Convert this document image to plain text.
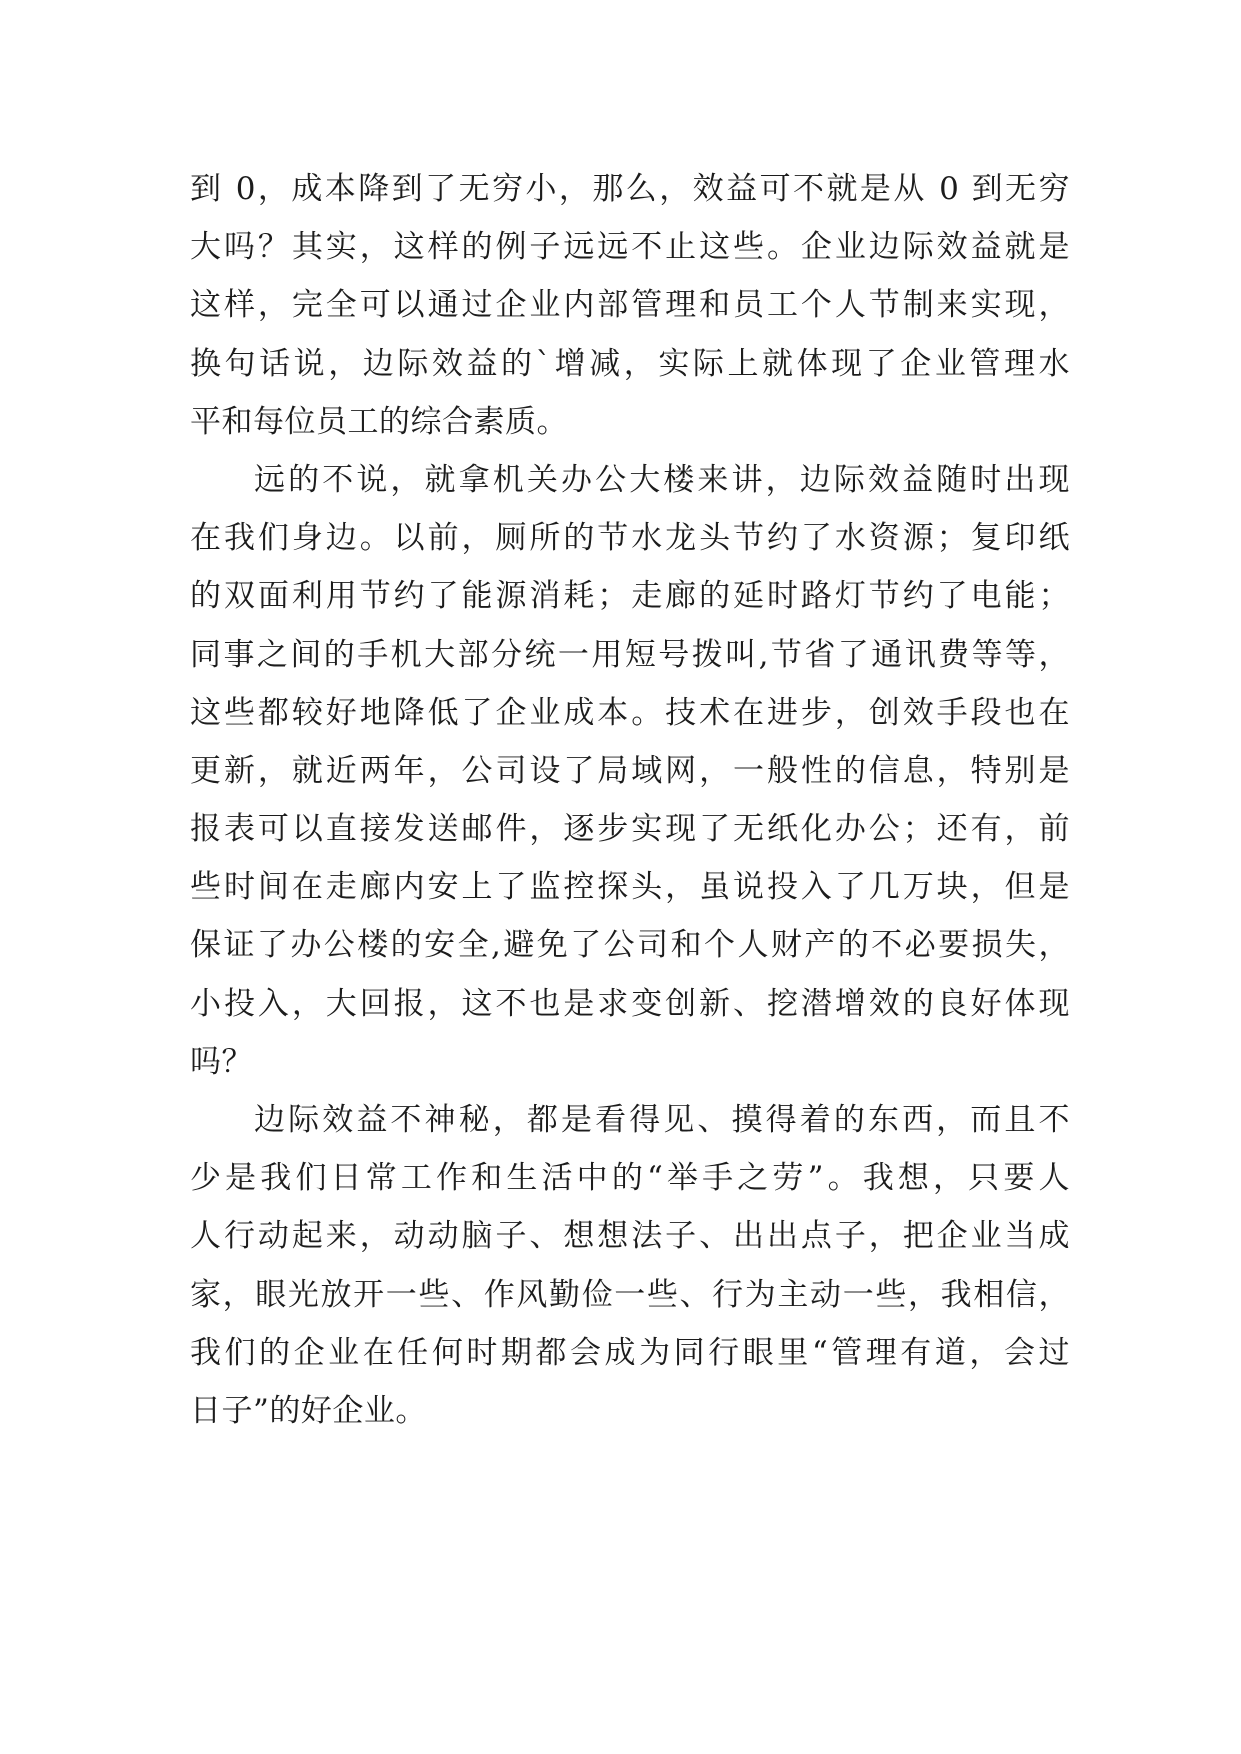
到 0，成本降到了无穷小，那么，效益可不就是从 0 到无穷
大吗？其实，这样的例子远远不止这些。企业边际效益就是
这样，完全可以通过企业内部管理和员工个人节制来实现，
换句话说，边际效益的`增减，实际上就体现了企业管理水
平和每位员工的综合素质。
远的不说，就拿机关办公大楼来讲，边际效益随时出现
在我们身边。以前，厕所的节水龙头节约了水资源；复印纸
的双面利用节约了能源消耗；走廊的延时路灯节约了电能；
同事之间的手机大部分统一用短号拨叫,节省了通讯费等等，
这些都较好地降低了企业成本。技术在进步，创效手段也在
更新，就近两年，公司设了局域网，一般性的信息，特别是
报表可以直接发送邮件，逐步实现了无纸化办公；还有，前
些时间在走廊内安上了监控探头，虽说投入了几万块，但是
保证了办公楼的安全,避免了公司和个人财产的不必要损失，
小投入，大回报，这不也是求变创新、挖潜增效的良好体现
吗？
边际效益不神秘，都是看得见、摸得着的东西，而且不
少是我们日常工作和生活中的“举手之劳”。我想，只要人
人行动起来，动动脑子、想想法子、出出点子，把企业当成
家，眼光放开一些、作风勤俭一些、行为主动一些，我相信，
我们的企业在任何时期都会成为同行眼里“管理有道，会过
日子”的好企业。
